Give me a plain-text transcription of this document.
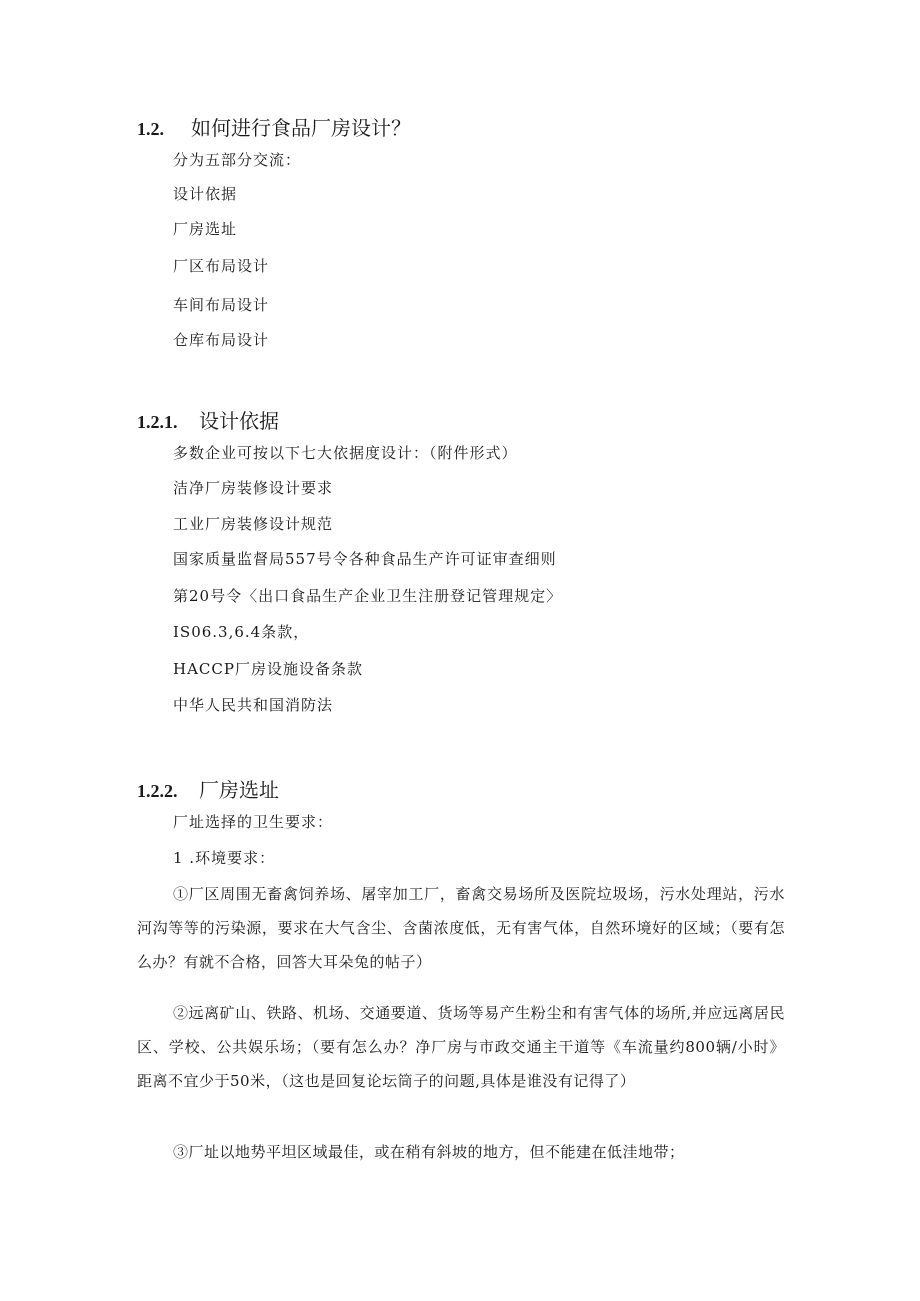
1.2. 如何进行食品厂房设计？
分为五部分交流：
设计依据
厂房选址
厂区布局设计
车间布局设计
仓库布局设计
1.2.1. 设计依据
多数企业可按以下七大依据度设计：（附件形式）
洁净厂房装修设计要求
工业厂房装修设计规范
国家质量监督局557号令各种食品生产许可证审查细则
第20号令〈出口食品生产企业卫生注册登记管理规定〉
IS06.3,6.4条款，
HACCP厂房设施设备条款
中华人民共和国消防法
1.2.2. 厂房选址
厂址选择的卫生要求：
1 .环境要求：
①厂区周围无畜禽饲养场、屠宰加工厂，畜禽交易场所及医院垃圾场，污水处理站，污水河沟等等的污染源，要求在大气含尘、含菌浓度低，无有害气体，自然环境好的区域；（要有怎么办？有就不合格，回答大耳朵兔的帖子）
②远离矿山、铁路、机场、交通要道、货场等易产生粉尘和有害气体的场所,并应远离居民区、学校、公共娱乐场；（要有怎么办？净厂房与市政交通主干道等《车流量约800辆/小时》距离不宜少于50米，（这也是回复论坛筒子的问题,具体是谁没有记得了）
③厂址以地势平坦区域最佳，或在稍有斜坡的地方，但不能建在低洼地带；
